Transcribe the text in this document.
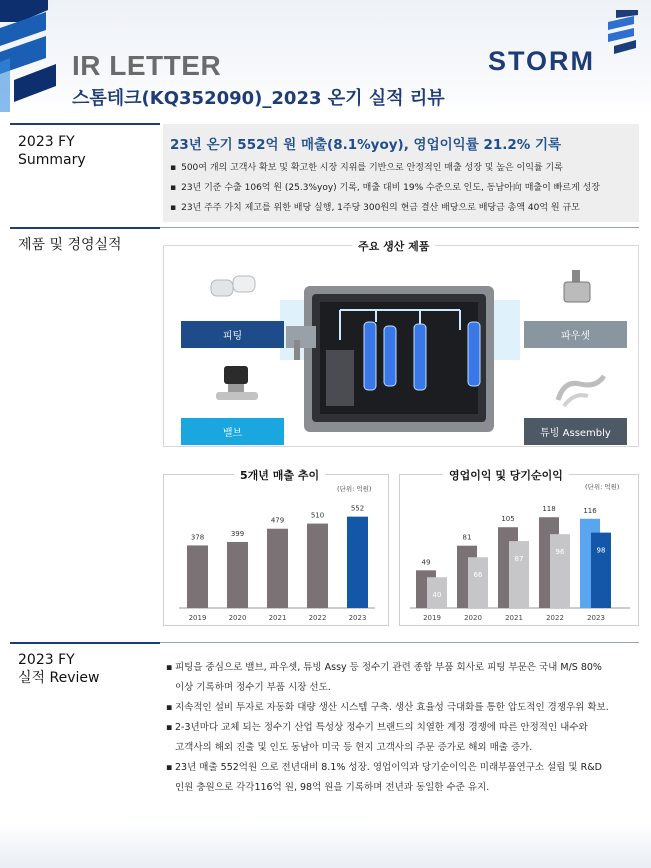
IR LETTER
스톰테크(KQ352090)_2023 온기 실적 리뷰
STORM
2023 FY
Summary
23년 온기 552억 원 매출(8.1%yoy), 영업이익률 21.2% 기록
▪ 500여 개의 고객사 확보 및 확고한 시장 지위를 기반으로 안정적인 매출 성장 및 높은 이익률 기록
▪ 23년 기준 수출 106억 원 (25.3%yoy) 기록, 매출 대비 19% 수준으로 인도, 동남아向 매출이 빠르게 성장
▪ 23년 주주 가치 제고를 위한 배당 실행, 1주당 300원의 현금 결산 배당으로 배당금 총액 40억 원 규모
제품 및 경영실적	주요 생산 제품
피팅
밸브
파우셋
튜빙 Assembly
5개년 매출 추이
(단위: 억원)
378
2019
399
2020
479
2021
510
2022
552
2023
영업이익 및 당기순이익
(단위: 억원)
49
40
2019
81
66
2020
105
87
2021
118
96
2022
116
98
2023
2023 FY
실적 Review
▪ 피팅을 중심으로 밸브, 파우셋, 튜빙 Assy 등 정수기 관련 종합 부품 회사로 피팅 부문은 국내 M/S 80%
이상 기록하며 정수기 부품 시장 선도.
▪ 지속적인 설비 투자로 자동화 대량 생산 시스템 구축. 생산 효율성 극대화를 통한 압도적인 경쟁우위 확보.
▪ 2-3년마다 교체 되는 정수기 산업 특성상 정수기 브랜드의 치열한 계정 경쟁에 따른 안정적인 내수와
고객사의 해외 진출 및 인도 동남아 미국 등 현지 고객사의 주문 증가로 해외 매출 증가.
▪ 23년 매출 552억원 으로 전년대비 8.1% 성장. 영업이익과 당기순이익은 미래부품연구소 설립 및 R&D
인원 충원으로 각각116억 원, 98억 원을 기록하며 전년과 동일한 수준 유지.
